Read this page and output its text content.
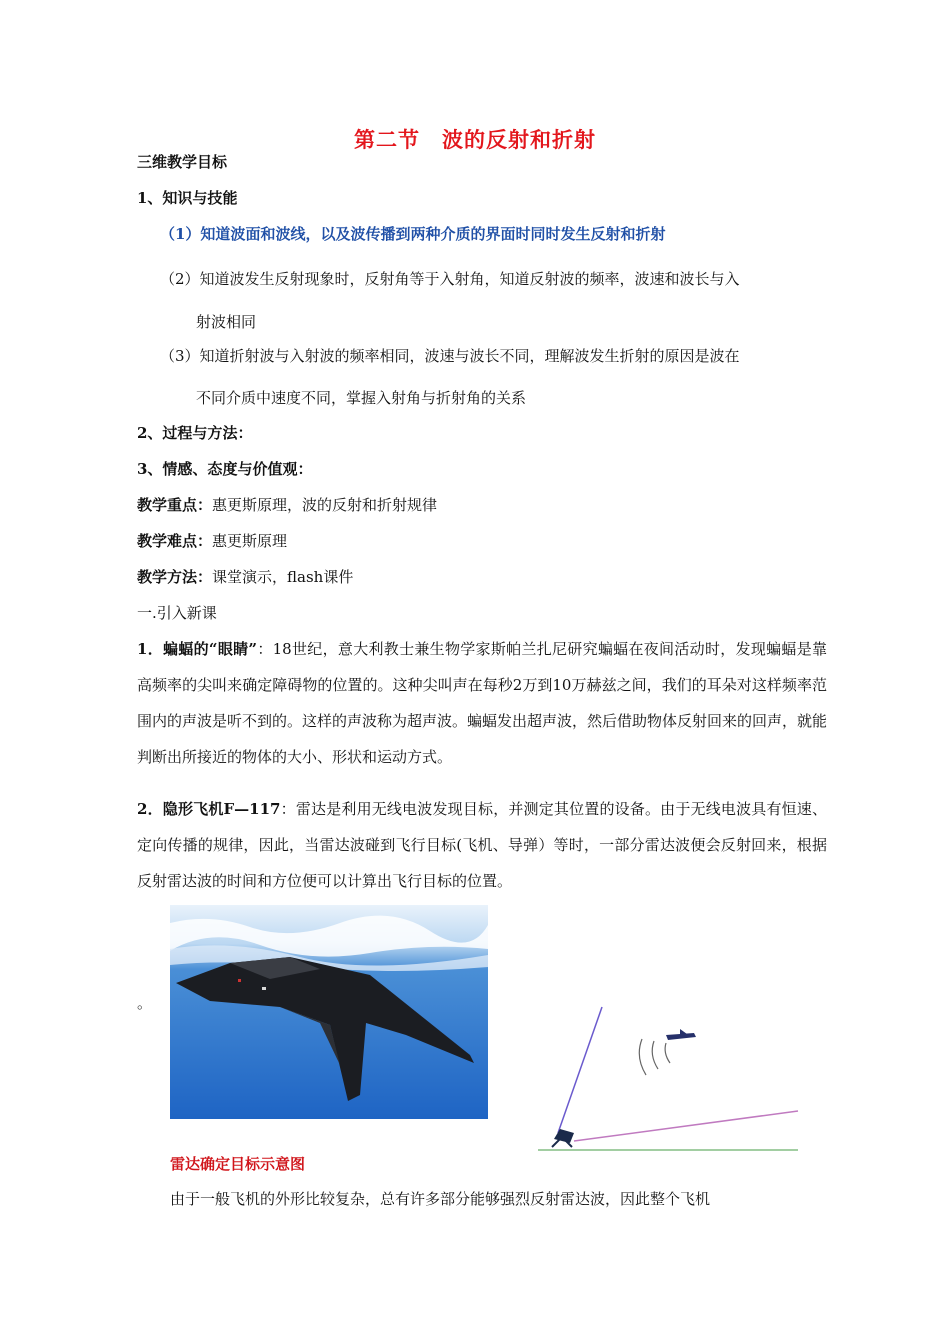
第二节　波的反射和折射
三维教学目标
1、知识与技能
（1）知道波面和波线，以及波传播到两种介质的界面时同时发生反射和折射
（2）知道波发生反射现象时，反射角等于入射角，知道反射波的频率，波速和波长与入
射波相同
（3）知道折射波与入射波的频率相同，波速与波长不同，理解波发生折射的原因是波在
不同介质中速度不同，掌握入射角与折射角的关系
2、过程与方法：
3、情感、态度与价值观：
教学重点：惠更斯原理，波的反射和折射规律
教学难点：惠更斯原理
教学方法：课堂演示，flash课件
一.引入新课
1．蝙蝠的“眼睛”：18世纪，意大利教士兼生物学家斯帕兰扎尼研究蝙蝠在夜间活动时，发现蝙蝠是靠高频率的尖叫来确定障碍物的位置的。这种尖叫声在每秒2万到10万赫兹之间，我们的耳朵对这样频率范围内的声波是听不到的。这样的声波称为超声波。蝙蝠发出超声波，然后借助物体反射回来的回声，就能判断出所接近的物体的大小、形状和运动方式。
2．隐形飞机F—117：雷达是利用无线电波发现目标，并测定其位置的设备。由于无线电波具有恒速、定向传播的规律，因此，当雷达波碰到飞行目标(飞机、导弹）等时，一部分雷达波便会反射回来，根据反射雷达波的时间和方位便可以计算出飞行目标的位置。
。
雷达确定目标示意图
由于一般飞机的外形比较复杂，总有许多部分能够强烈反射雷达波，因此整个飞机
